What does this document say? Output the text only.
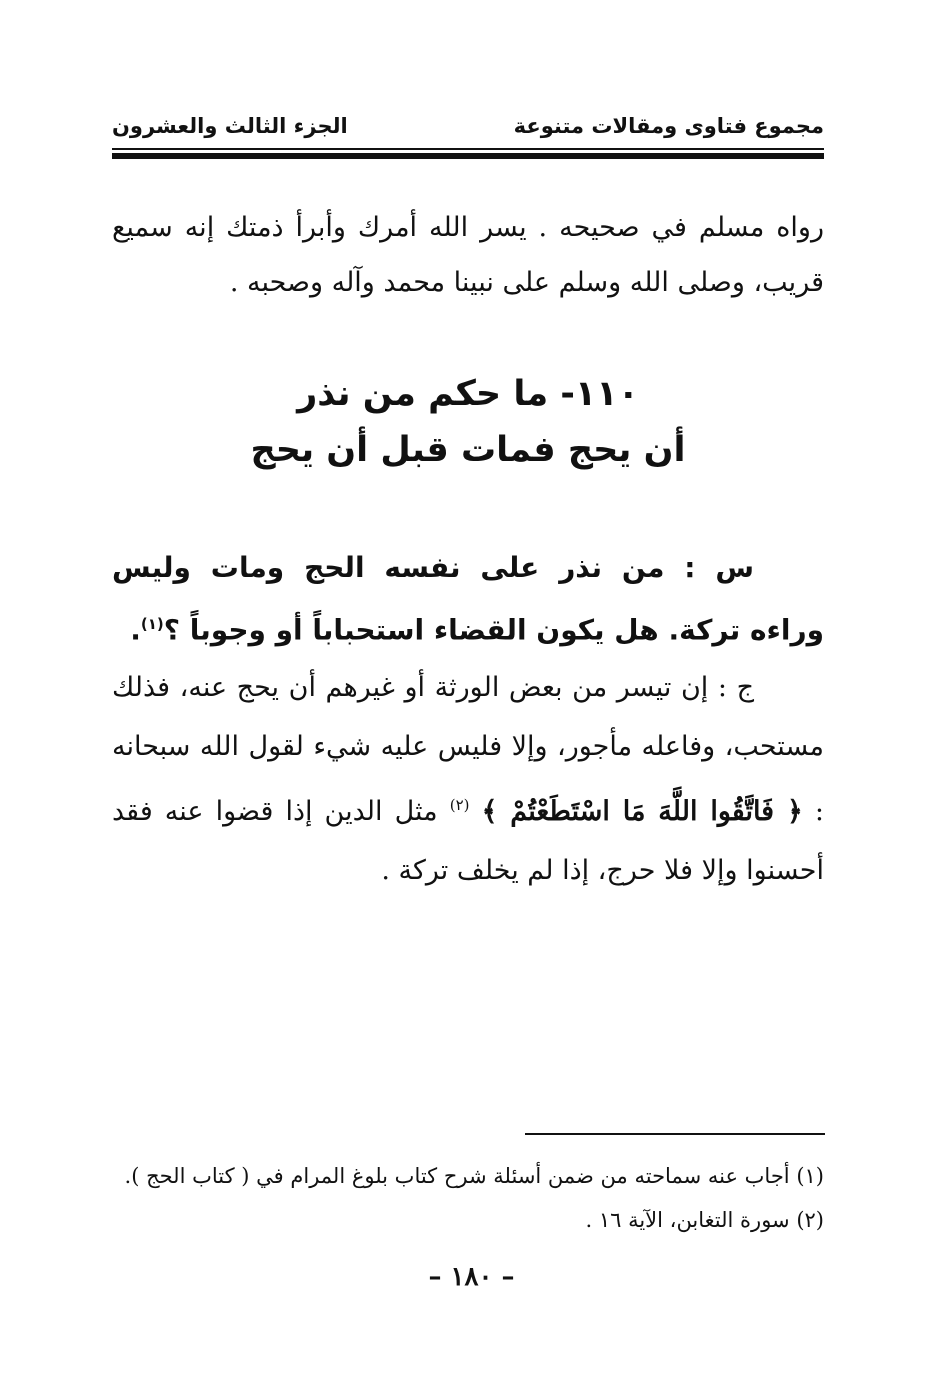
مجموع فتاوى ومقالات متنوعة
الجزء الثالث والعشرون
رواه مسلم في صحيحه . يسر الله أمرك وأبرأ ذمتك إنه سميع قريب، وصلى الله وسلم على نبينا محمد وآله وصحبه .
١١٠- ما حكم من نذر
أن يحج فمات قبل أن يحج
س : من نذر على نفسه الحج ومات وليس وراءه تركة. هل يكون القضاء استحباباً أو وجوباً ؟$^{(١)}$.
ج : إن تيسر من بعض الورثة أو غيرهم أن يحج عنه، فذلك مستحب، وفاعله مأجور، وإلا فليس عليه شيء لقول الله سبحانه : ﴿ فَاتَّقُوا اللَّهَ مَا اسْتَطَعْتُمْ ﴾ $^{(٢)}$ مثل الدين إذا قضوا عنه فقد أحسنوا وإلا فلا حرج، إذا لم يخلف تركة .
(١) أجاب عنه سماحته من ضمن أسئلة شرح كتاب بلوغ المرام في ( كتاب الحج ).
(٢) سورة التغابن، الآية ١٦ .
– ١٨٠ –
